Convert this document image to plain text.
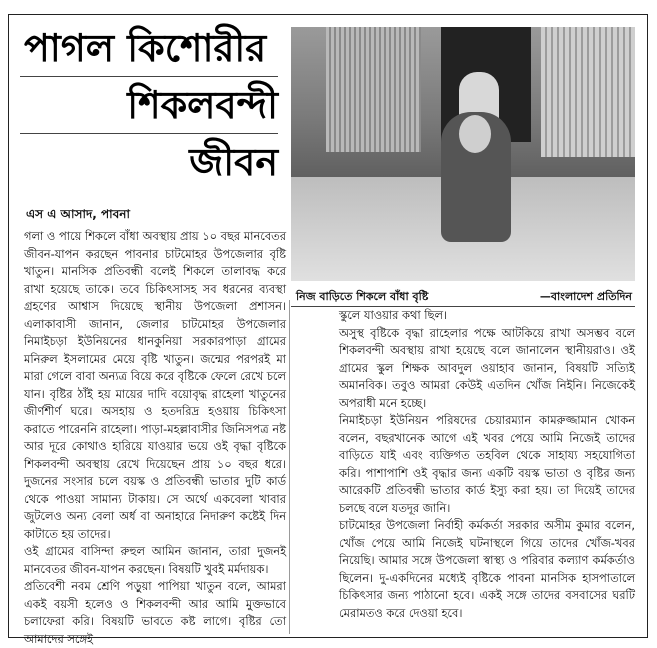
পাগল কিশোরীর
শিকলবন্দী
জীবন
এস এ আসাদ, পাবনা
নিজ বাড়িতে শিকলে বাঁধা বৃষ্টি	—বাংলাদেশ প্রতিদিন

গলা ও পায়ে শিকলে বাঁধা অবস্থায় প্রায় ১০ বছর মানবেতর জীবন-যাপন করছেন পাবনার চাটমোহর উপজেলার বৃষ্টি খাতুন। মানসিক প্রতিবন্ধী বলেই শিকলে তালাবদ্ধ করে রাখা হয়েছে তাকে। তবে চিকিৎসাসহ সব ধরনের ব্যবস্থা গ্রহণের আশ্বাস দিয়েছে স্থানীয় উপজেলা প্রশাসন। এলাকাবাসী জানান, জেলার চাটমোহর উপজেলার নিমাইচড়া ইউনিয়নের ধানকুনিয়া সরকারপাড়া গ্রামের মনিরুল ইসলামের মেয়ে বৃষ্টি খাতুন। জন্মের পরপরই মা মারা গেলে বাবা অন্যত্র বিয়ে করে বৃষ্টিকে ফেলে রেখে চলে যান। বৃষ্টির ঠাঁই হয় মায়ের দাদি বয়োবৃদ্ধ রাহেলা খাতুনের জীর্ণশীর্ণ ঘরে। অসহায় ও হতদরিদ্র হওয়ায় চিকিৎসা করাতে পারেননি রাহেলা। পাড়া-মহল্লাবাসীর জিনিসপত্র নষ্ট আর দূরে কোথাও হারিয়ে যাওয়ার ভয়ে ওই বৃদ্ধা বৃষ্টিকে শিকলবন্দী অবস্থায় রেখে দিয়েছেন প্রায় ১০ বছর ধরে। দুজনের সংসার চলে বয়স্ক ও প্রতিবন্ধী ভাতার দুটি কার্ড থেকে পাওয়া সামান্য টাকায়। সে অর্থে একবেলা খাবার জুটলেও অন্য বেলা অর্ধ বা অনাহারে নিদারুণ কষ্টেই দিন কাটাতে হয় তাদের।

ওই গ্রামের বাসিন্দা রুহুল আমিন জানান, তারা দুজনই মানবেতর জীবন-যাপন করছেন। বিষয়টি খুবই মর্মদায়ক।

প্রতিবেশী নবম শ্রেণি পড়ুয়া পাপিয়া খাতুন বলে, আমরা একই বয়সী হলেও ও শিকলবন্দী আর আমি মুক্তভাবে চলাফেরা করি। বিষয়টি ভাবতে কষ্ট লাগে। বৃষ্টির তো আমাদের সঙ্গেই

স্কুলে যাওয়ার কথা ছিল।

অসুস্থ বৃষ্টিকে বৃদ্ধা রাহেলার পক্ষে আটকিয়ে রাখা অসম্ভব বলে শিকলবন্দী অবস্থায় রাখা হয়েছে বলে জানালেন স্থানীয়রাও। ওই গ্রামের স্কুল শিক্ষক আবদুল ওয়াহাব জানান, বিষয়টি সত্যিই অমানবিক। তবুও আমরা কেউই এতদিন খোঁজ নিইনি। নিজেকেই অপরাধী মনে হচ্ছে।

নিমাইচড়া ইউনিয়ন পরিষদের চেয়ারম্যান কামরুজ্জামান খোকন বলেন, বছরখানেক আগে এই খবর পেয়ে আমি নিজেই তাদের বাড়িতে যাই এবং ব্যক্তিগত তহবিল থেকে সাহায্য সহযোগিতা করি। পাশাপাশি ওই বৃদ্ধার জন্য একটি বয়স্ক ভাতা ও বৃষ্টির জন্য আরেকটি প্রতিবন্ধী ভাতার কার্ড ইস্যু করা হয়। তা দিয়েই তাদের চলছে বলে যতদূর জানি।

চাটমোহর উপজেলা নির্বাহী কর্মকর্তা সরকার অসীম কুমার বলেন, খোঁজ পেয়ে আমি নিজেই ঘটনাস্থলে গিয়ে তাদের খোঁজ-খবর নিয়েছি। আমার সঙ্গে উপজেলা স্বাস্থ্য ও পরিবার কল্যাণ কর্মকর্তাও ছিলেন। দু-একদিনের মধ্যেই বৃষ্টিকে পাবনা মানসিক হাসপাতালে চিকিৎসার জন্য পাঠানো হবে। একই সঙ্গে তাদের বসবাসের ঘরটি মেরামতও করে দেওয়া হবে।
